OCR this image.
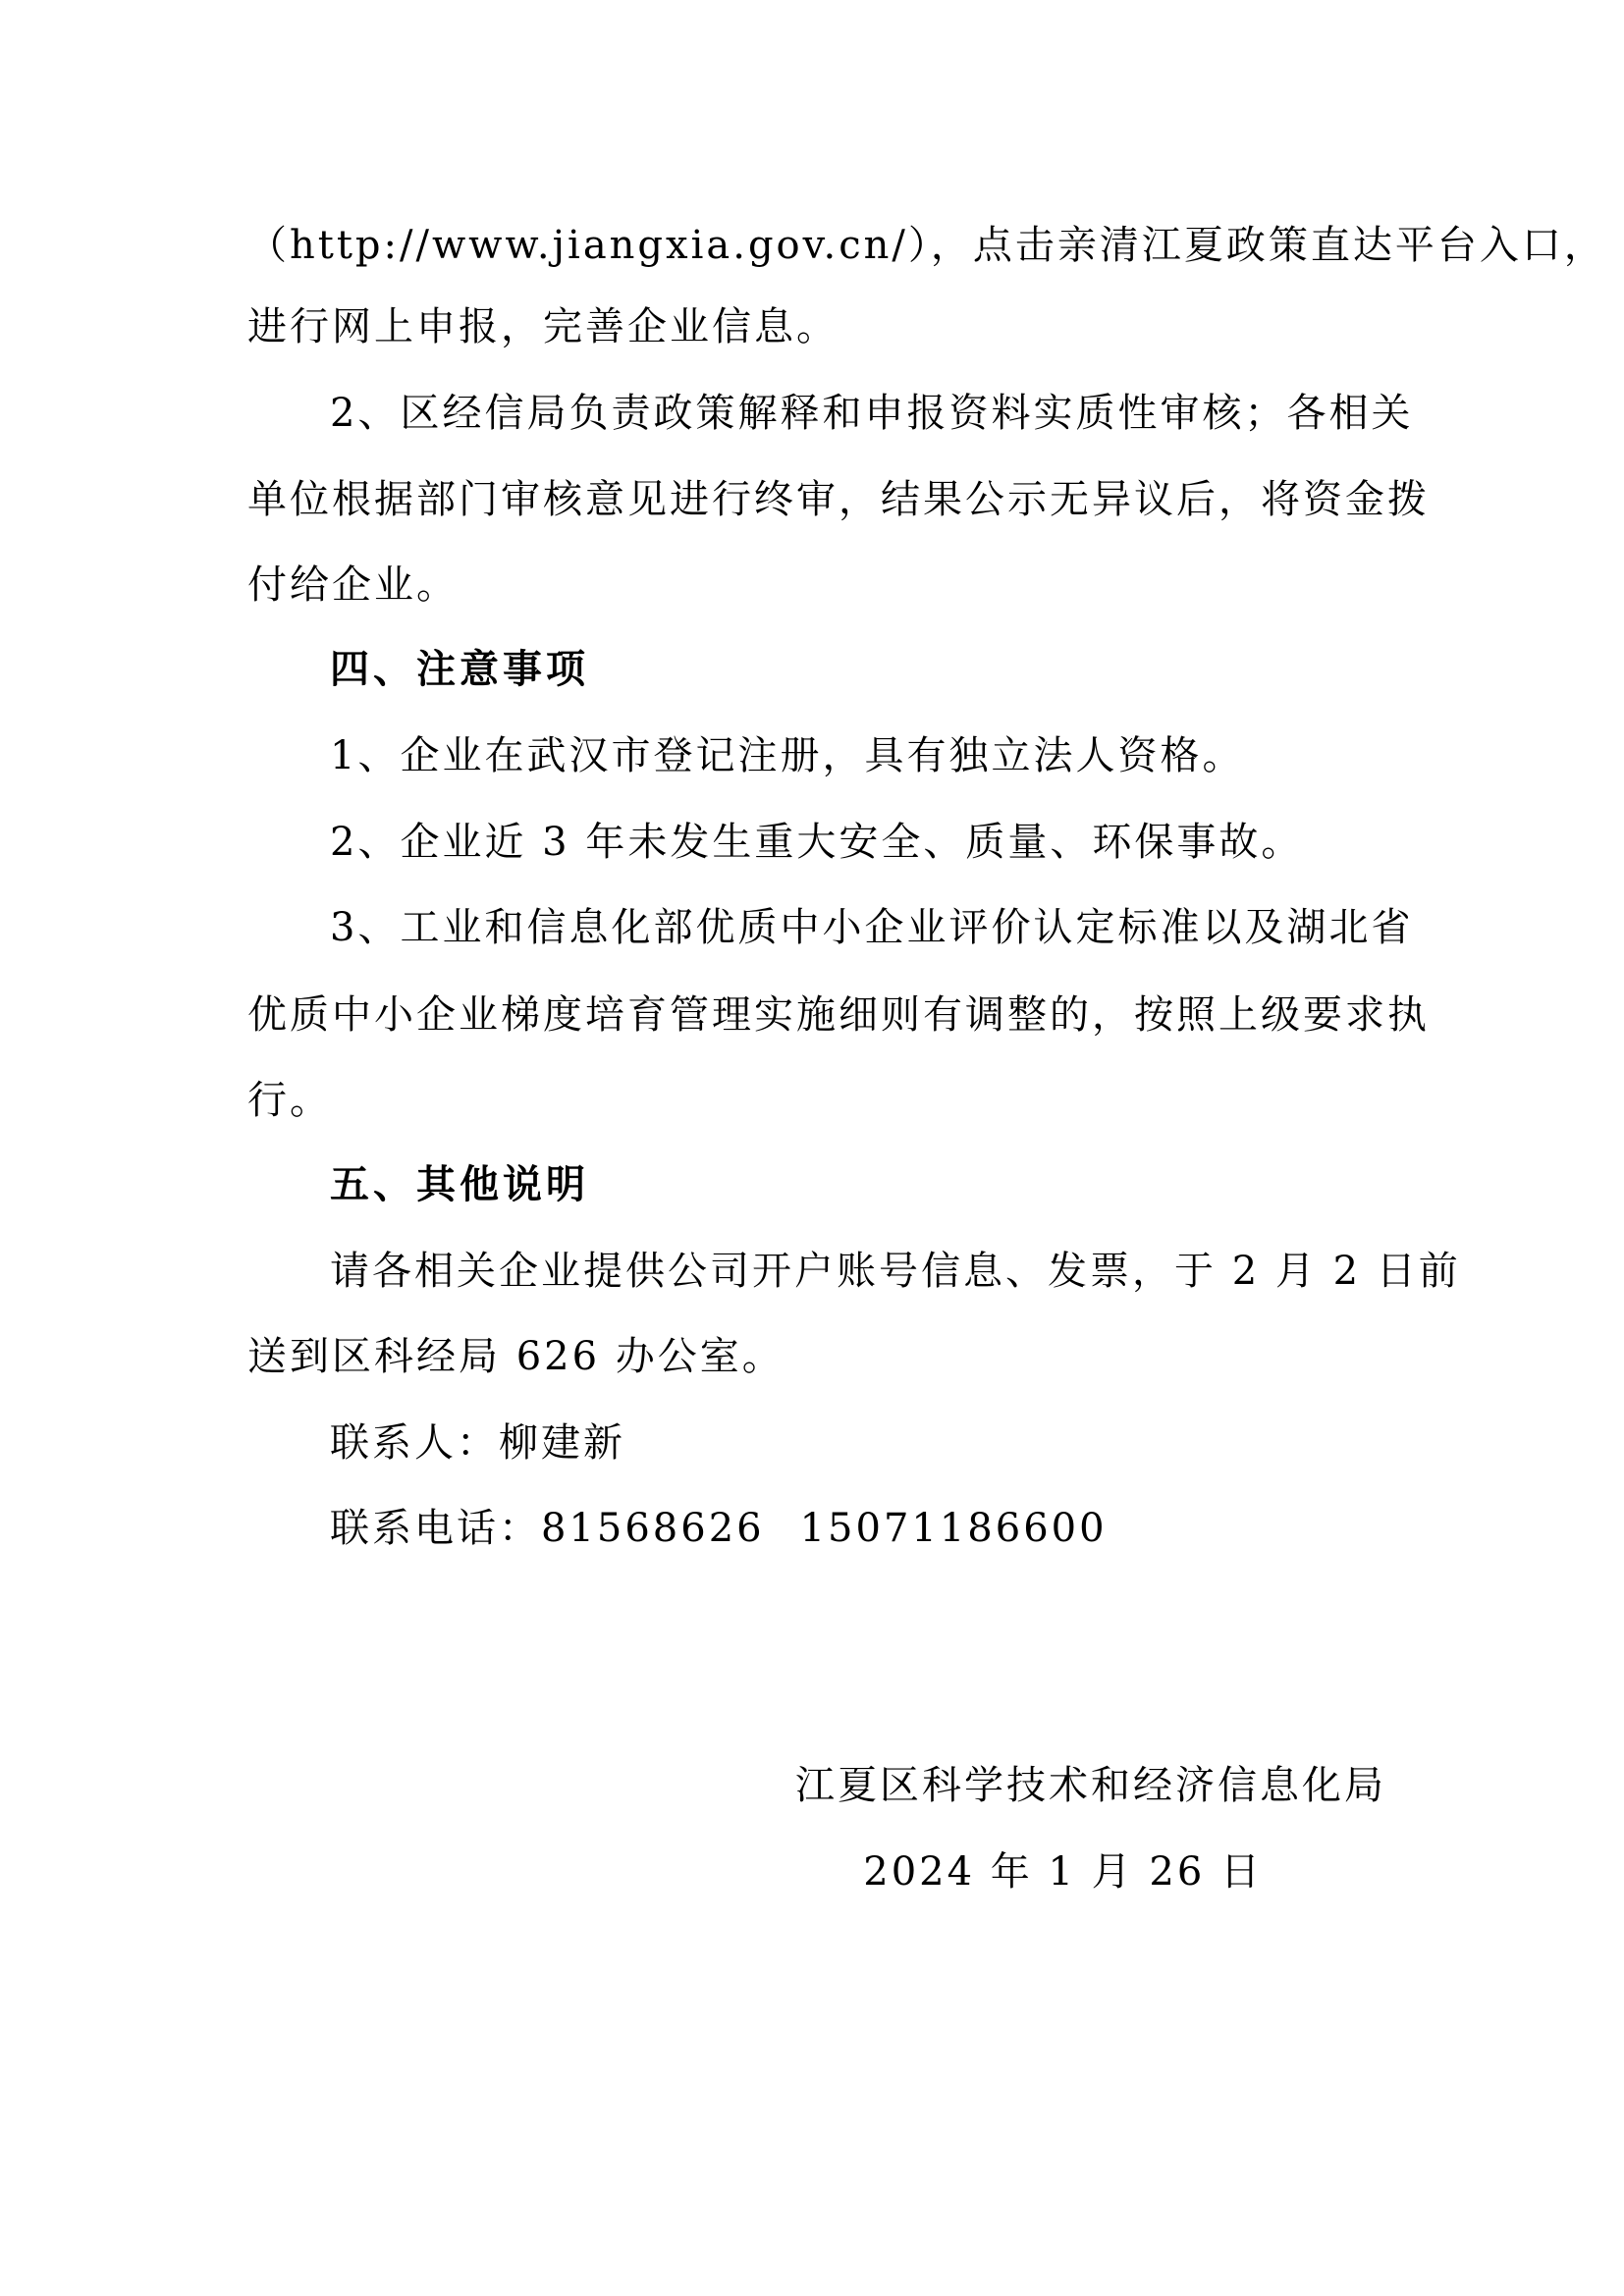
（http://www.jiangxia.gov.cn/），点击亲清江夏政策直达平台入口，
进行网上申报，完善企业信息。
2、区经信局负责政策解释和申报资料实质性审核；各相关
单位根据部门审核意见进行终审，结果公示无异议后，将资金拨
付给企业。
四、注意事项
1、企业在武汉市登记注册，具有独立法人资格。
2、企业近 3 年未发生重大安全、质量、环保事故。
3、工业和信息化部优质中小企业评价认定标准以及湖北省
优质中小企业梯度培育管理实施细则有调整的，按照上级要求执
行。
五、其他说明
请各相关企业提供公司开户账号信息、发票，于 2 月 2 日前
送到区科经局 626 办公室。
联系人：柳建新
联系电话：81568626 15071186600
江夏区科学技术和经济信息化局
2024 年 1 月 26 日
